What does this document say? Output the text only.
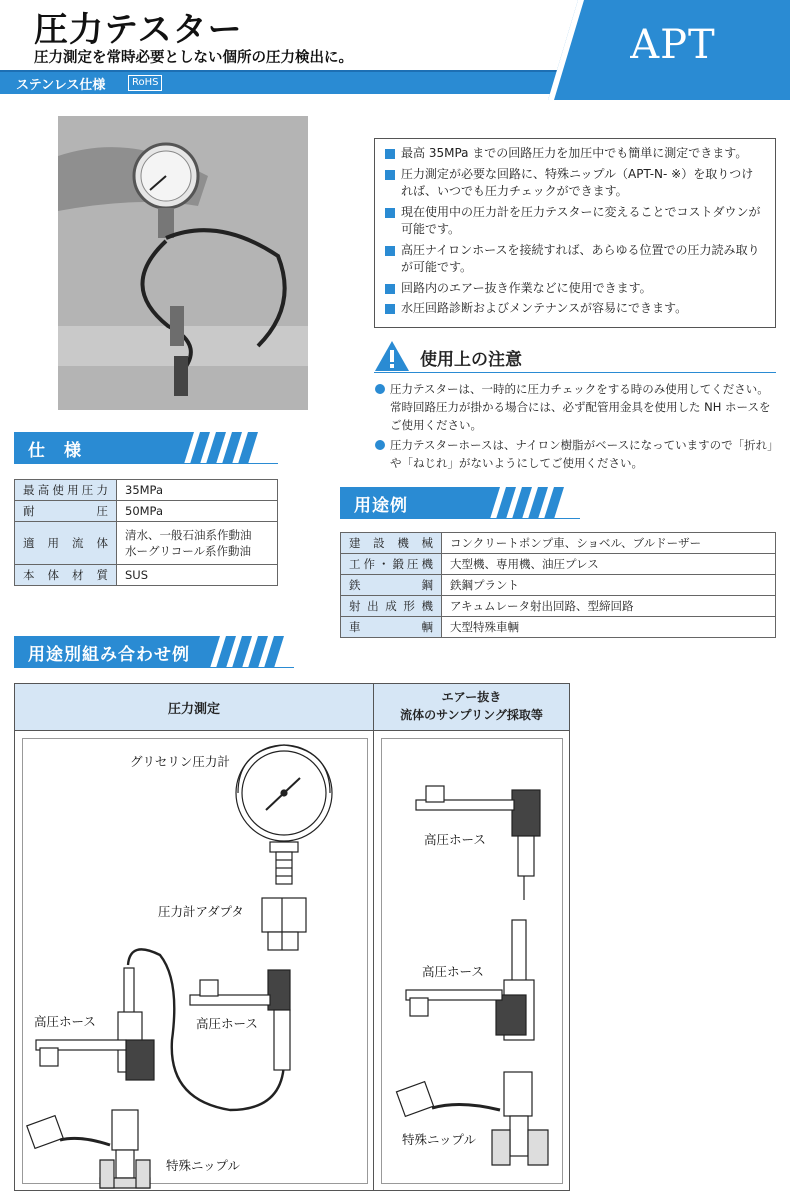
圧力テスター
圧力測定を常時必要としない個所の圧力検出に。
ステンレス仕様	RoHS
APT
最高 35MPa までの回路圧力を加圧中でも簡単に測定できます。
圧力測定が必要な回路に、特殊ニップル（APT-N- ※）を取りつければ、いつでも圧力チェックができます。
現在使用中の圧力計を圧力テスターに変えることでコストダウンが可能です。
高圧ナイロンホースを接続すれば、あらゆる位置での圧力読み取りが可能です。
回路内のエアー抜き作業などに使用できます。
水圧回路診断およびメンテナンスが容易にできます。
使用上の注意
圧力テスターは、一時的に圧力チェックをする時のみ使用してください。常時回路圧力が掛かる場合には、必ず配管用金具を使用した NH ホースをご使用ください。
圧力テスターホースは、ナイロン樹脂がベースになっていますので「折れ」や「ねじれ」がないようにしてご使用ください。
仕　様
最高使用圧力	35MPa
耐圧	50MPa
適用流体	清水、一般石油系作動油
水ーグリコール系作動油

本体材質	SUS
用途例
建設機械	コンクリートポンプ車、ショベル、ブルドーザー
工作・鍛圧機	大型機、専用機、油圧プレス
鉄鋼	鉄鋼プラント
射出成形機	アキュムレータ射出回路、型締回路
車輌	大型特殊車輌
用途別組み合わせ例
圧力測定
エアー抜き
流体のサンプリング採取等
グリセリン圧力計
圧力計アダプタ
高圧ホース
高圧ホース
特殊ニップル
高圧ホース
高圧ホース
特殊ニップル
